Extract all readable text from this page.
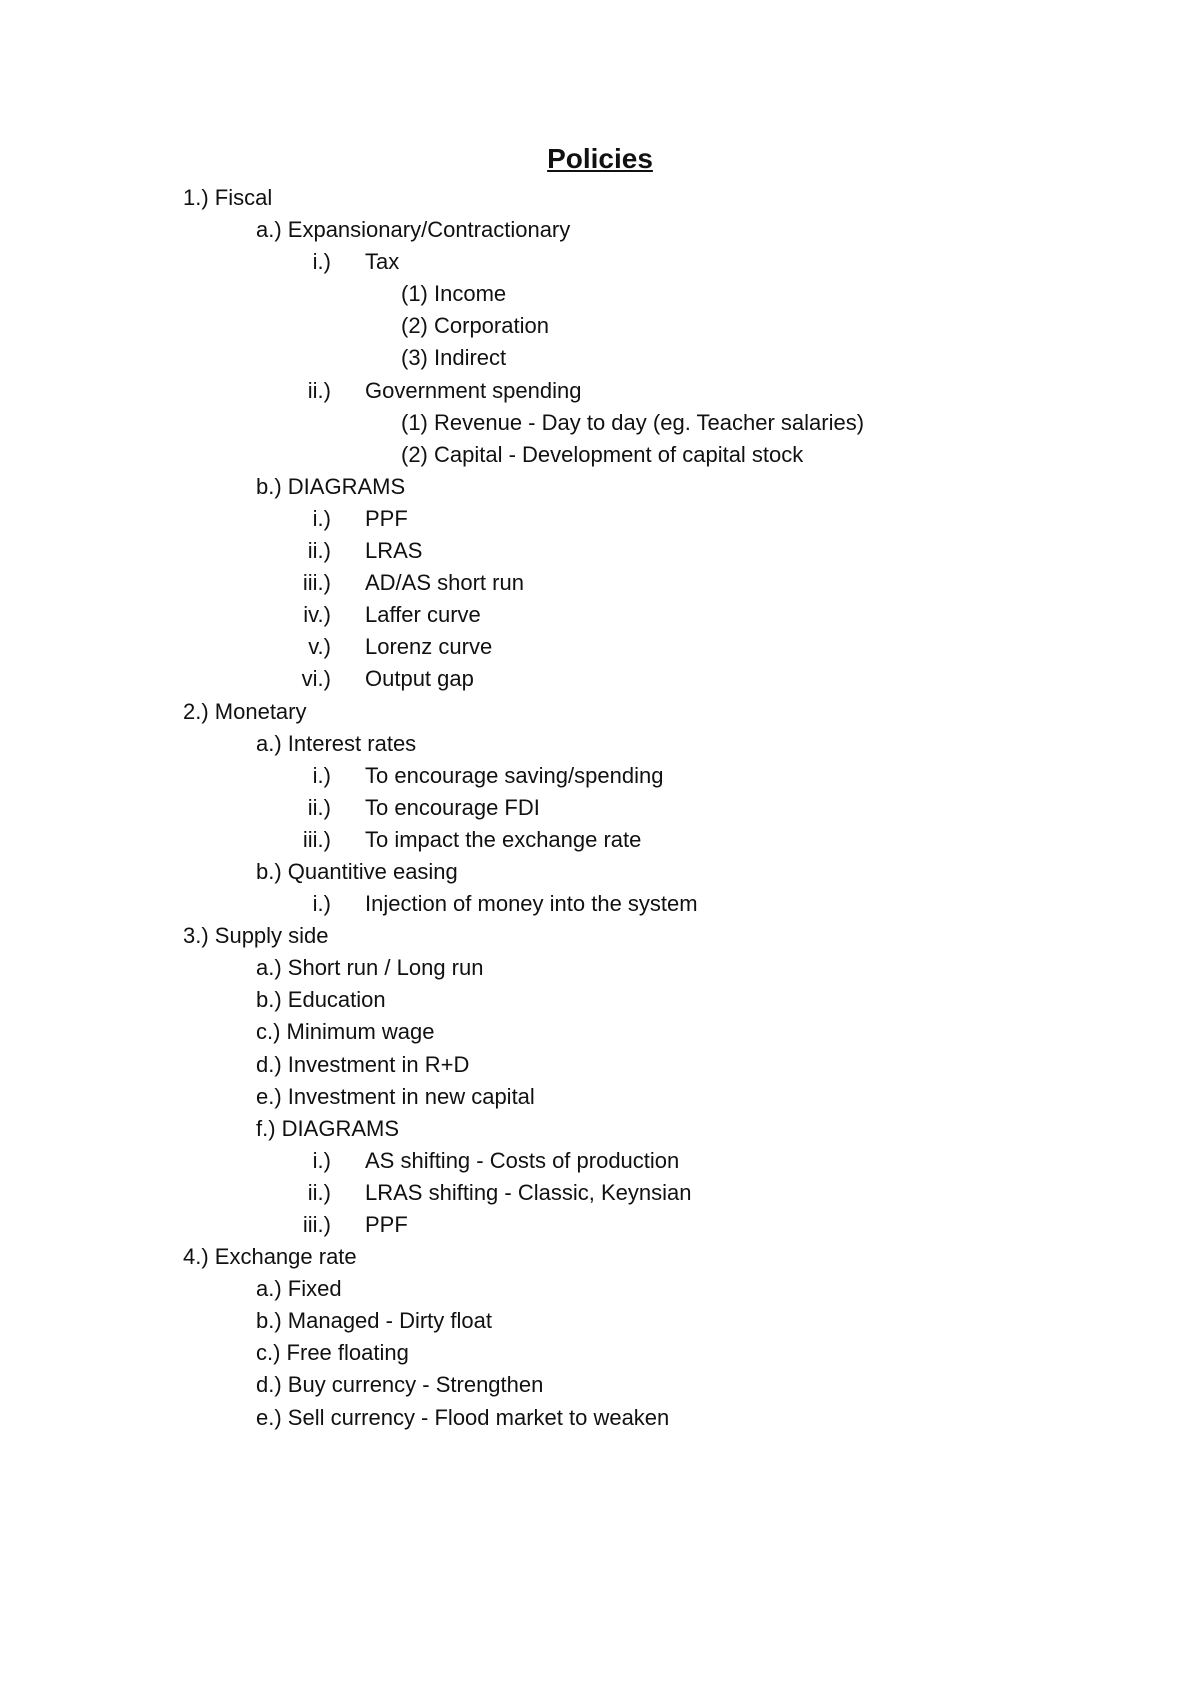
Policies
1.) Fiscal
a.) Expansionary/Contractionary
i.) Tax
(1) Income
(2) Corporation
(3) Indirect
ii.) Government spending
(1) Revenue - Day to day (eg. Teacher salaries)
(2) Capital - Development of capital stock
b.) DIAGRAMS
i.) PPF
ii.) LRAS
iii.) AD/AS short run
iv.) Laffer curve
v.) Lorenz curve
vi.) Output gap
2.) Monetary
a.) Interest rates
i.) To encourage saving/spending
ii.) To encourage FDI
iii.) To impact the exchange rate
b.) Quantitive easing
i.) Injection of money into the system
3.) Supply side
a.) Short run / Long run
b.) Education
c.) Minimum wage
d.) Investment in R+D
e.) Investment in new capital
f.) DIAGRAMS
i.) AS shifting - Costs of production
ii.) LRAS shifting - Classic, Keynsian
iii.) PPF
4.) Exchange rate
a.) Fixed
b.) Managed - Dirty float
c.) Free floating
d.) Buy currency - Strengthen
e.) Sell currency - Flood market to weaken
